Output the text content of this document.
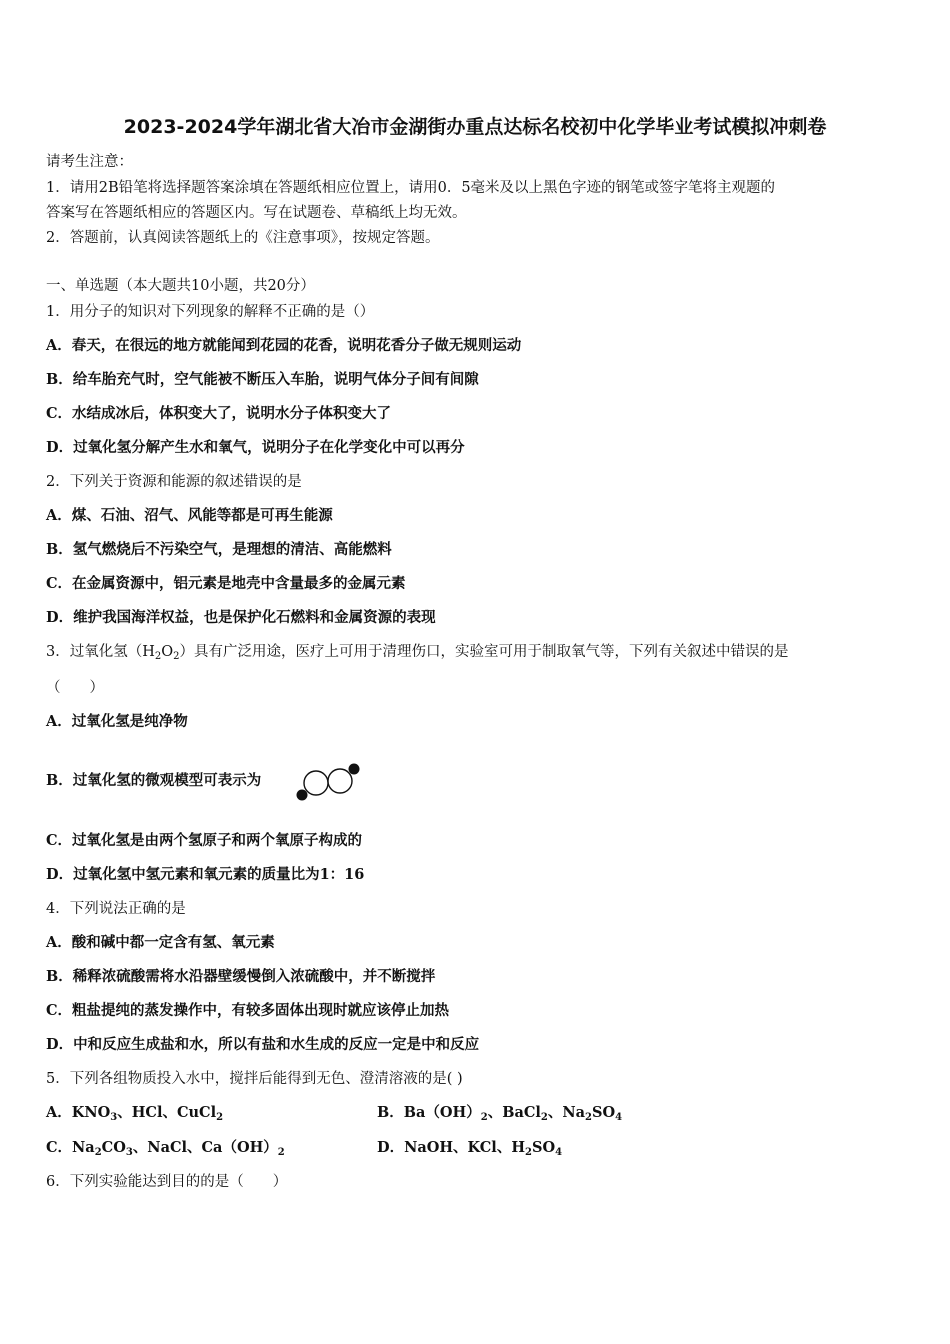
2023-2024学年湖北省大冶市金湖街办重点达标名校初中化学毕业考试模拟冲刺卷
请考生注意：
1．请用2B铅笔将选择题答案涂填在答题纸相应位置上，请用0．5毫米及以上黑色字迹的钢笔或签字笔将主观题的
答案写在答题纸相应的答题区内。写在试题卷、草稿纸上均无效。
2．答题前，认真阅读答题纸上的《注意事项》，按规定答题。
一、单选题（本大题共10小题，共20分）
1．用分子的知识对下列现象的解释不正确的是（）
A．春天，在很远的地方就能闻到花园的花香，说明花香分子做无规则运动
B．给车胎充气时，空气能被不断压入车胎，说明气体分子间有间隙
C．水结成冰后，体积变大了，说明水分子体积变大了
D．过氧化氢分解产生水和氧气，说明分子在化学变化中可以再分
2．下列关于资源和能源的叙述错误的是
A．煤、石油、沼气、风能等都是可再生能源
B．氢气燃烧后不污染空气，是理想的清洁、高能燃料
C．在金属资源中，铝元素是地壳中含量最多的金属元素
D．维护我国海洋权益，也是保护化石燃料和金属资源的表现
3．过氧化氢$(H_2O_2)$具有广泛用途，医疗上可用于清理伤口，实验室可用于制取氧气等，下列有关叙述中错误的是
（　　）
A．过氧化氢是纯净物
B．过氧化氢的微观模型可表示为
C．过氧化氢是由两个氢原子和两个氧原子构成的
D．过氧化氢中氢元素和氧元素的质量比为1：16
4．下列说法正确的是
A．酸和碱中都一定含有氢、氧元素
B．稀释浓硫酸需将水沿器壁缓慢倒入浓硫酸中，并不断搅拌
C．粗盐提纯的蒸发操作中，有较多固体出现时就应该停止加热
D．中和反应生成盐和水，所以有盐和水生成的反应一定是中和反应
5．下列各组物质投入水中，搅拌后能得到无色、澄清溶液的是( )
A．$KNO_3$、HCl、CuCl$_2$	B．$Ba(OH)_2$、BaCl$_2$、$Na_2SO_4$
C．$Na_2CO_3$、NaCl、$Ca(OH)_2$	D．NaOH、KCl、$H_2SO_4$
6．下列实验能达到目的的是（　　）
